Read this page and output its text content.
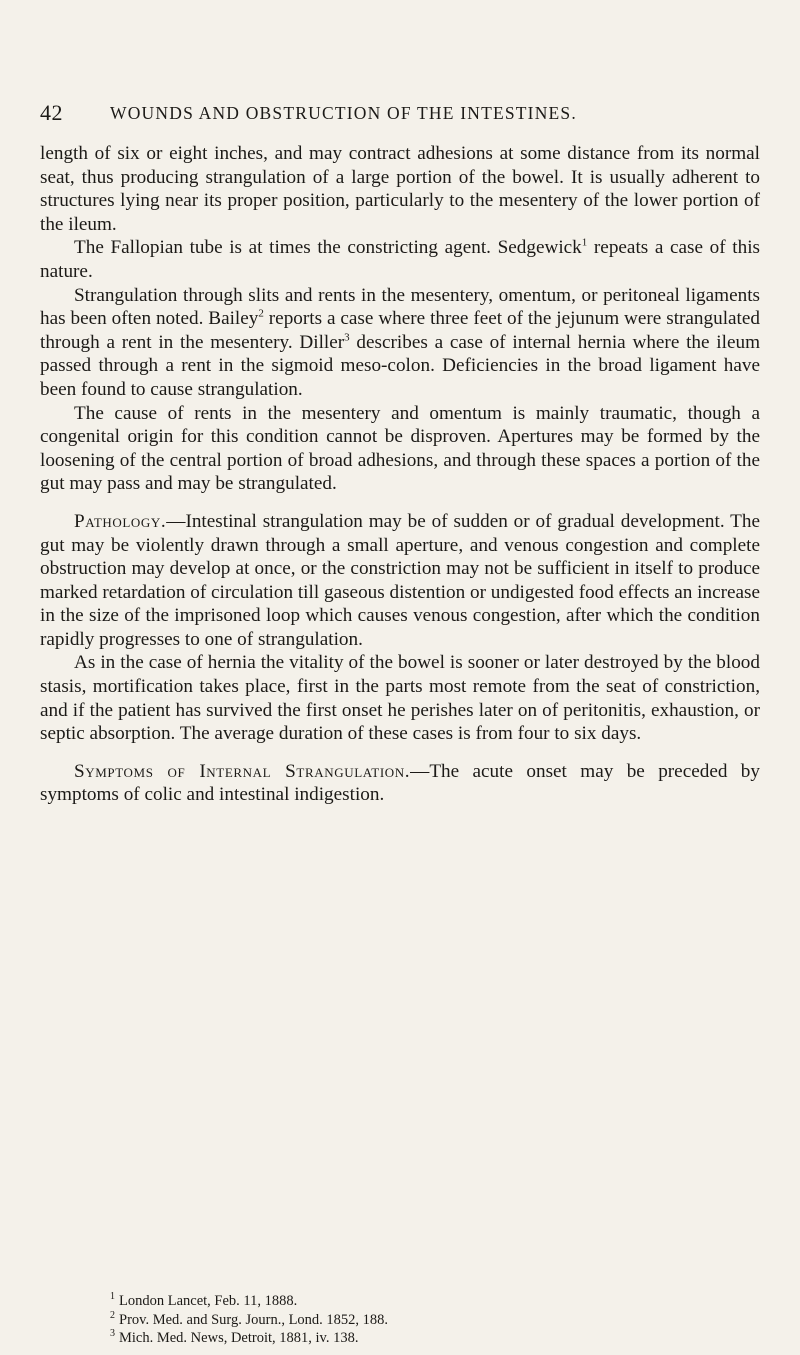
42	WOUNDS AND OBSTRUCTION OF THE INTESTINES.

length of six or eight inches, and may contract adhesions at some distance from its normal seat, thus producing strangulation of a large portion of the bowel. It is usually adherent to structures lying near its proper position, particularly to the mesentery of the lower portion of the ileum.

The Fallopian tube is at times the constricting agent. Sedgewick$^1$ repeats a case of this nature.

Strangulation through slits and rents in the mesentery, omentum, or peritoneal ligaments has been often noted. Bailey$^2$ reports a case where three feet of the jejunum were strangulated through a rent in the mesentery. Diller$^3$ describes a case of internal hernia where the ileum passed through a rent in the sigmoid meso-colon. Deficiencies in the broad ligament have been found to cause strangulation.

The cause of rents in the mesentery and omentum is mainly traumatic, though a congenital origin for this condition cannot be disproven. Apertures may be formed by the loosening of the central portion of broad adhesions, and through these spaces a portion of the gut may pass and may be strangulated.

Pathology.—Intestinal strangulation may be of sudden or of gradual development. The gut may be violently drawn through a small aperture, and venous congestion and complete obstruction may develop at once, or the constriction may not be sufficient in itself to produce marked retardation of circulation till gaseous distention or undigested food effects an increase in the size of the imprisoned loop which causes venous congestion, after which the condition rapidly progresses to one of strangulation.

As in the case of hernia the vitality of the bowel is sooner or later destroyed by the blood stasis, mortification takes place, first in the parts most remote from the seat of constriction, and if the patient has survived the first onset he perishes later on of peritonitis, exhaustion, or septic absorption. The average duration of these cases is from four to six days.

Symptoms of Internal Strangulation.—The acute onset may be preceded by symptoms of colic and intestinal indigestion.

$^1$ London Lancet, Feb. 11, 1888.
$^2$ Prov. Med. and Surg. Journ., Lond. 1852, 188.
$^3$ Mich. Med. News, Detroit, 1881, iv. 138.
